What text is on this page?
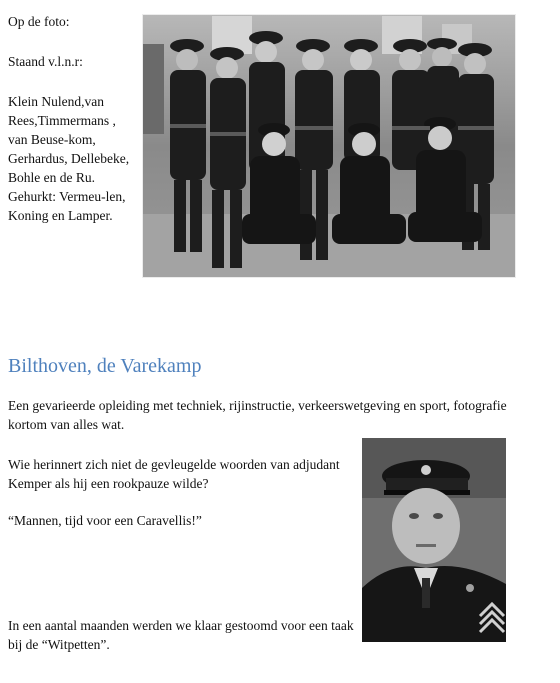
Op de foto:

Staand v.l.n.r:

Klein Nulend,van Rees,Timmermans , van Beuse-kom, Gerhardus, Dellebeke, Bohle en de Ru. Gehurkt: Vermeu-len, Koning en Lamper.

Bilthoven, de Varekamp

Een gevarieerde opleiding met techniek, rijinstructie, verkeerswetgeving en sport, fotografie kortom van alles wat.

Wie herinnert zich niet de gevleugelde woorden van adjudant Kemper als hij een rookpauze wilde?

“Mannen, tijd voor een Caravellis!”

In een aantal maanden werden we klaar gestoomd voor een taak bij de “Witpetten”.
